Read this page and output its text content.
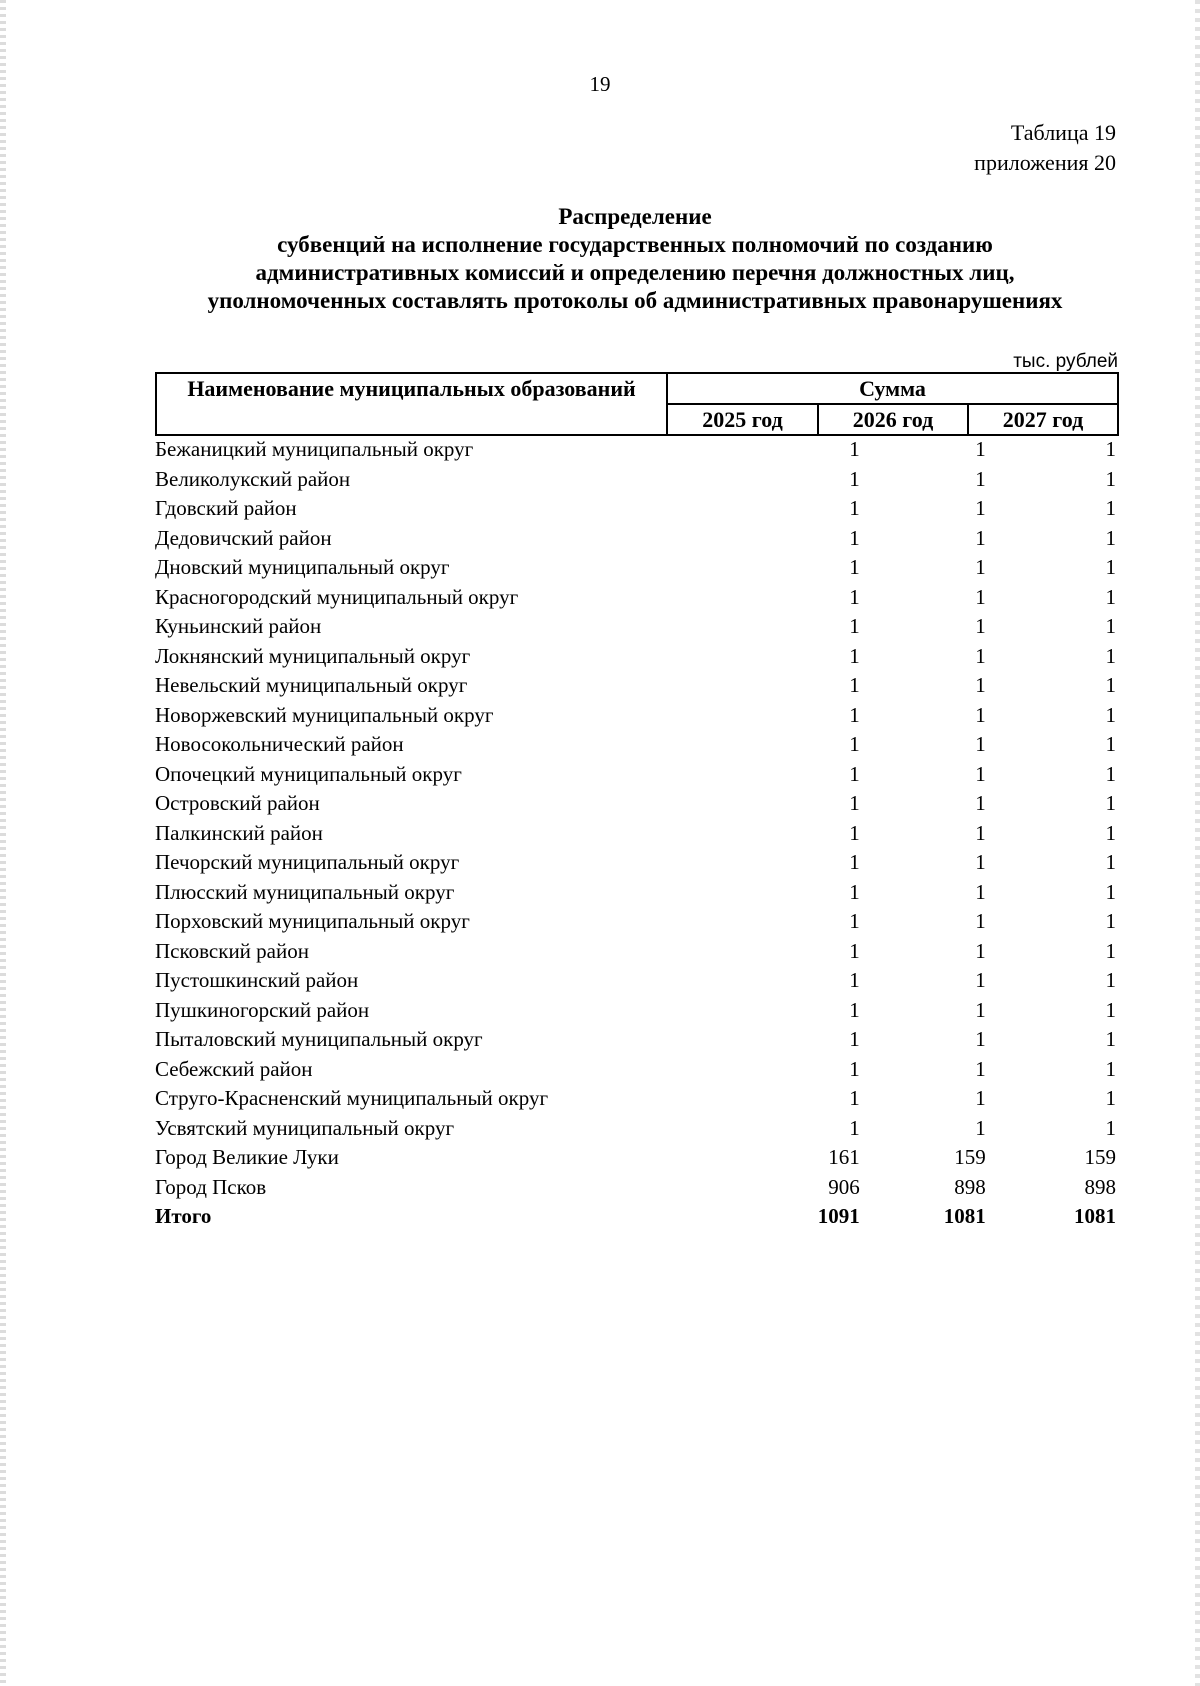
19
Таблица 19
приложения 20
Распределение
субвенций на исполнение государственных полномочий по созданию
административных комиссий и определению перечня должностных лиц,
уполномоченных составлять протоколы об административных правонарушениях
тыс. рублей
Наименование муниципальных образований	Сумма		
	2025 год	2026 год	2027 год
Бежаницкий муниципальный округ	1	1	1
Великолукский район	1	1	1
Гдовский район	1	1	1
Дедовичский район	1	1	1
Дновский муниципальный округ	1	1	1
Красногородский муниципальный округ	1	1	1
Куньинский район	1	1	1
Локнянский муниципальный округ	1	1	1
Невельский муниципальный округ	1	1	1
Новоржевский муниципальный округ	1	1	1
Новосокольнический район	1	1	1
Опочецкий муниципальный округ	1	1	1
Островский район	1	1	1
Палкинский район	1	1	1
Печорский муниципальный округ	1	1	1
Плюсский муниципальный округ	1	1	1
Порховский муниципальный округ	1	1	1
Псковский район	1	1	1
Пустошкинский район	1	1	1
Пушкиногорский район	1	1	1
Пыталовский муниципальный округ	1	1	1
Себежский район	1	1	1
Струго-Красненский муниципальный округ	1	1	1
Усвятский муниципальный округ	1	1	1
Город Великие Луки	161	159	159
Город Псков	906	898	898
Итого	1091	1081	1081
